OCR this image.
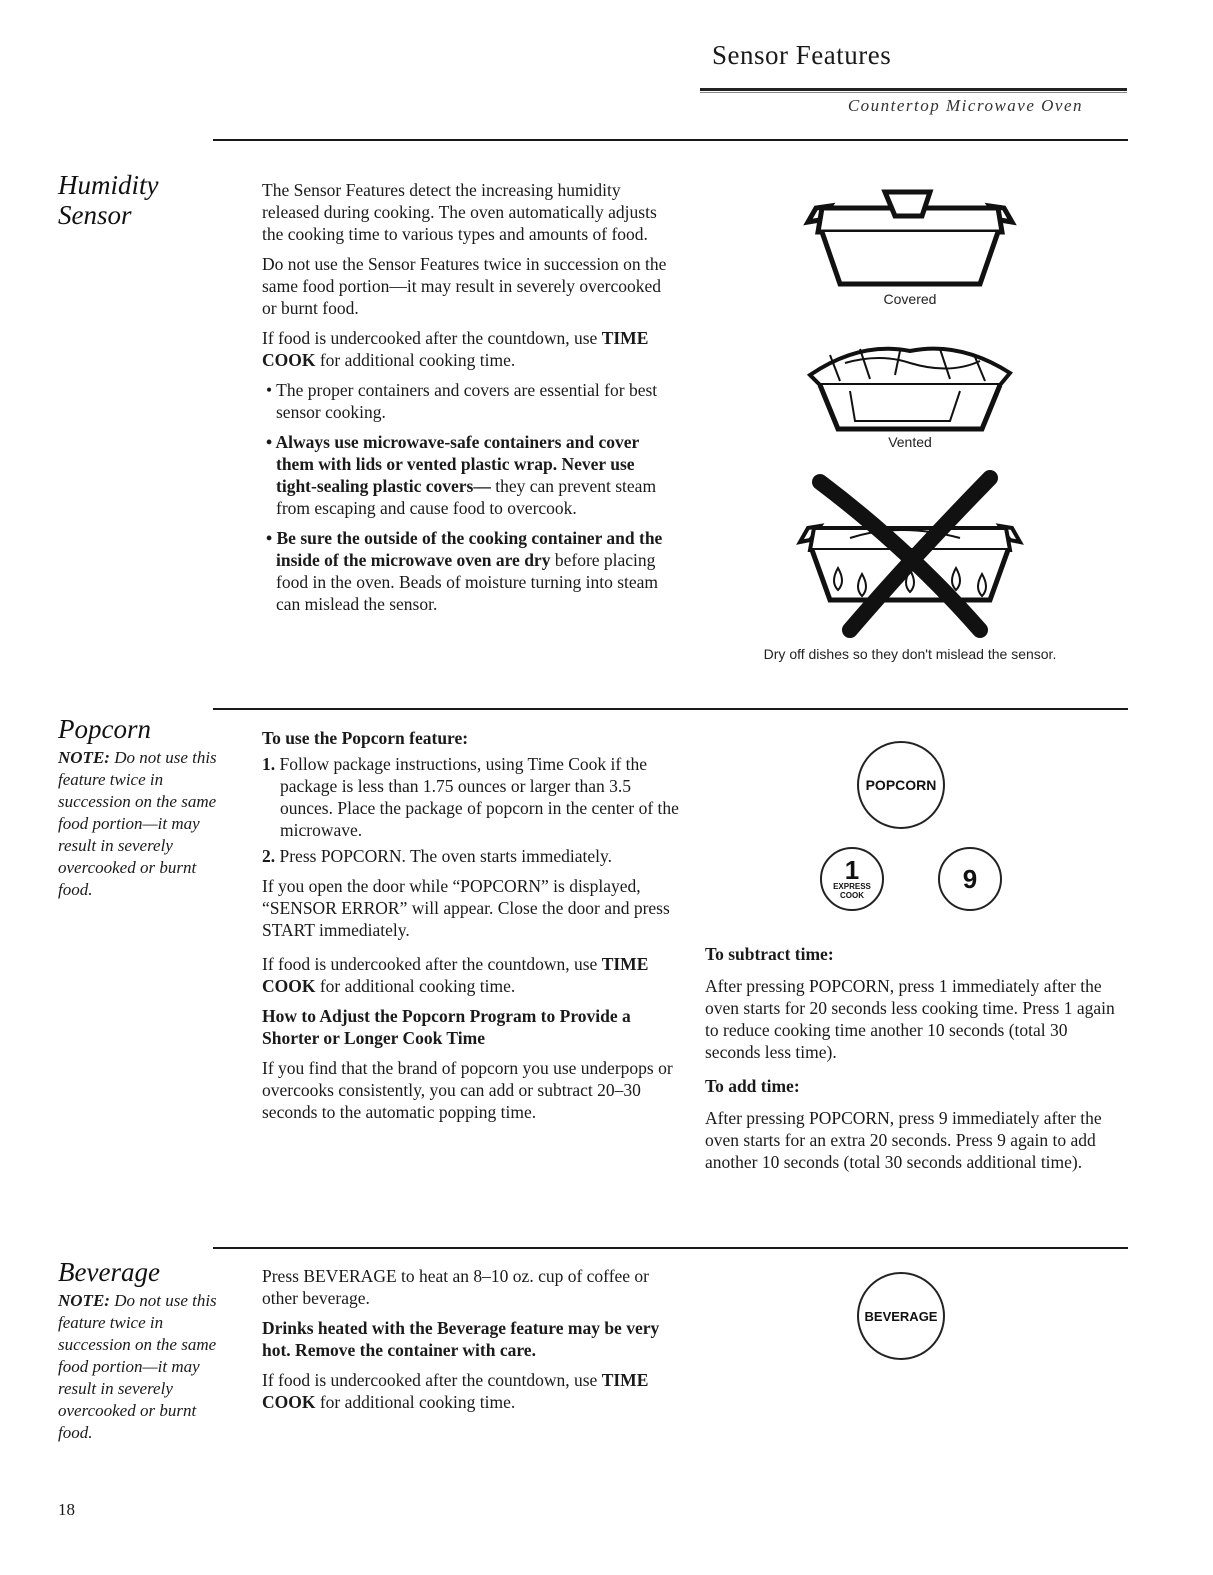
Sensor Features
Countertop Microwave Oven
Humidity
Sensor

The Sensor Features detect the increasing humidity released during cooking. The oven automatically adjusts the cooking time to various types and amounts of food.

Do not use the Sensor Features twice in succession on the same food portion—it may result in severely overcooked or burnt food.

If food is undercooked after the countdown, use TIME COOK for additional cooking time.

• The proper containers and covers are essential for best sensor cooking.

• Always use microwave-safe containers and cover them with lids or vented plastic wrap. Never use tight-sealing plastic covers— they can prevent steam from escaping and cause food to overcook.

• Be sure the outside of the cooking container and the inside of the microwave oven are dry before placing food in the oven. Beads of moisture turning into steam can mislead the sensor.

Covered
Vented
Dry off dishes so they don't mislead the sensor.
Popcorn
NOTE: Do not use this feature twice in succession on the same food portion—it may result in severely overcooked or burnt food.

To use the Popcorn feature:

1. Follow package instructions, using Time Cook if the package is less than 1.75 ounces or larger than 3.5 ounces. Place the package of popcorn in the center of the microwave.

2. Press POPCORN. The oven starts immediately.

If you open the door while “POPCORN” is displayed, “SENSOR ERROR” will appear. Close the door and press START immediately.

If food is undercooked after the countdown, use TIME COOK for additional cooking time.

How to Adjust the Popcorn Program to Provide a Shorter or Longer Cook Time

If you find that the brand of popcorn you use underpops or overcooks consistently, you can add or subtract 20–30 seconds to the automatic popping time.

POPCORN
1
EXPRESS
COOK
9

To subtract time:

After pressing POPCORN, press 1 immediately after the oven starts for 20 seconds less cooking time. Press 1 again to reduce cooking time another 10 seconds (total 30 seconds less time).

To add time:

After pressing POPCORN, press 9 immediately after the oven starts for an extra 20 seconds. Press 9 again to add another 10 seconds (total 30 seconds additional time).

Beverage
NOTE: Do not use this feature twice in succession on the same food portion—it may result in severely overcooked or burnt food.

Press BEVERAGE to heat an 8–10 oz. cup of coffee or other beverage.

Drinks heated with the Beverage feature may be very hot. Remove the container with care.

If food is undercooked after the countdown, use TIME COOK for additional cooking time.

BEVERAGE
18
